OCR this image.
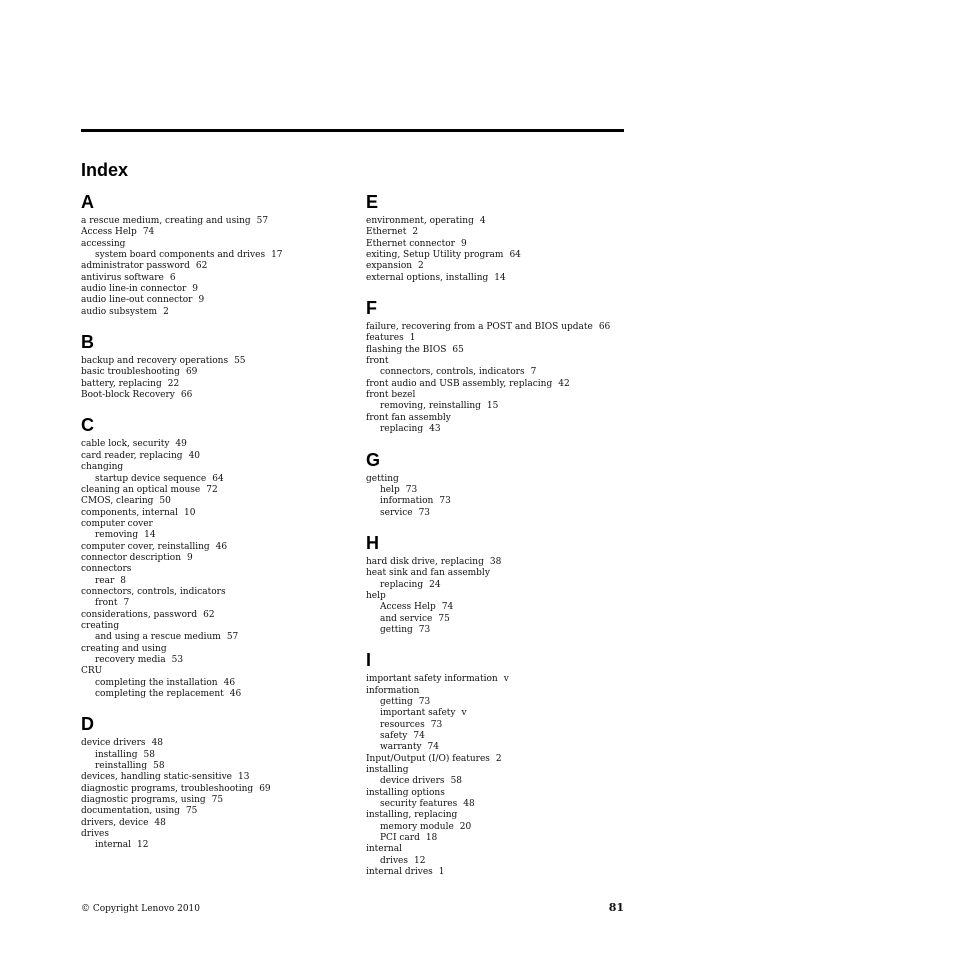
Index
A
a rescue medium, creating and using 57
Access Help 74
accessing
system board components and drives 17
administrator password 62
antivirus software 6
audio line-in connector 9
audio line-out connector 9
audio subsystem 2
B
backup and recovery operations 55
basic troubleshooting 69
battery, replacing 22
Boot-block Recovery 66
C
cable lock, security 49
card reader, replacing 40
changing
startup device sequence 64
cleaning an optical mouse 72
CMOS, clearing 50
components, internal 10
computer cover
removing 14
computer cover, reinstalling 46
connector description 9
connectors
rear 8
connectors, controls, indicators
front 7
considerations, password 62
creating
and using a rescue medium 57
creating and using
recovery media 53
CRU
completing the installation 46
completing the replacement 46
D
device drivers 48
installing 58
reinstalling 58
devices, handling static-sensitive 13
diagnostic programs, troubleshooting 69
diagnostic programs, using 75
documentation, using 75
drivers, device 48
drives
internal 12
E
environment, operating 4
Ethernet 2
Ethernet connector 9
exiting, Setup Utility program 64
expansion 2
external options, installing 14
F
failure, recovering from a POST and BIOS update 66
features 1
flashing the BIOS 65
front
connectors, controls, indicators 7
front audio and USB assembly, replacing 42
front bezel
removing, reinstalling 15
front fan assembly
replacing 43
G
getting
help 73
information 73
service 73
H
hard disk drive, replacing 38
heat sink and fan assembly
replacing 24
help
Access Help 74
and service 75
getting 73
I
important safety information v
information
getting 73
important safety v
resources 73
safety 74
warranty 74
Input/Output (I/O) features 2
installing
device drivers 58
installing options
security features 48
installing, replacing
memory module 20
PCI card 18
internal
drives 12
internal drives 1
© Copyright Lenovo 2010	81
